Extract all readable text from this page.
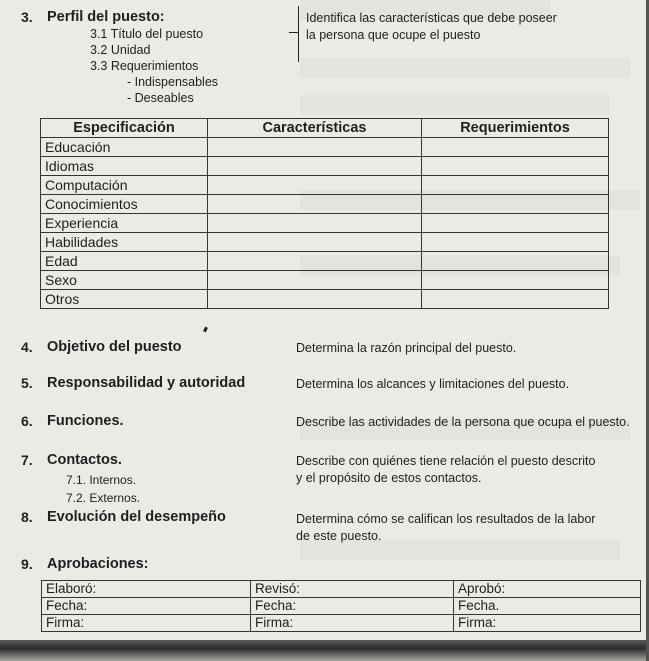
3. Perfil del puesto:
3.1 Título del puesto
3.2 Unidad
3.3 Requerimientos
- Indispensables
- Deseables
Identifica las características que debe poseer
la persona que ocupe el puesto
Especificación	Características	Requerimientos
Educación		
Idiomas		
Computación		
Conocimientos		
Experiencia		
Habilidades		
Edad		
Sexo		
Otros		
4. Objetivo del puesto	Determina la razón principal del puesto.
5. Responsabilidad y autoridad	Determina los alcances y limitaciones del puesto.
6. Funciones.	Describe las actividades de la persona que ocupa el puesto.
7. Contactos.
7.1. Internos.
7.2. Externos.
Describe con quiénes tiene relación el puesto descrito
y el propósito de estos contactos.
8. Evolución del desempeño	Determina cómo se califican los resultados de la labor
de este puesto.
9. Aprobaciones:
Elaboró:	Revisó:	Aprobó:
Fecha:	Fecha:	Fecha.
Firma:	Firma:	Firma:
